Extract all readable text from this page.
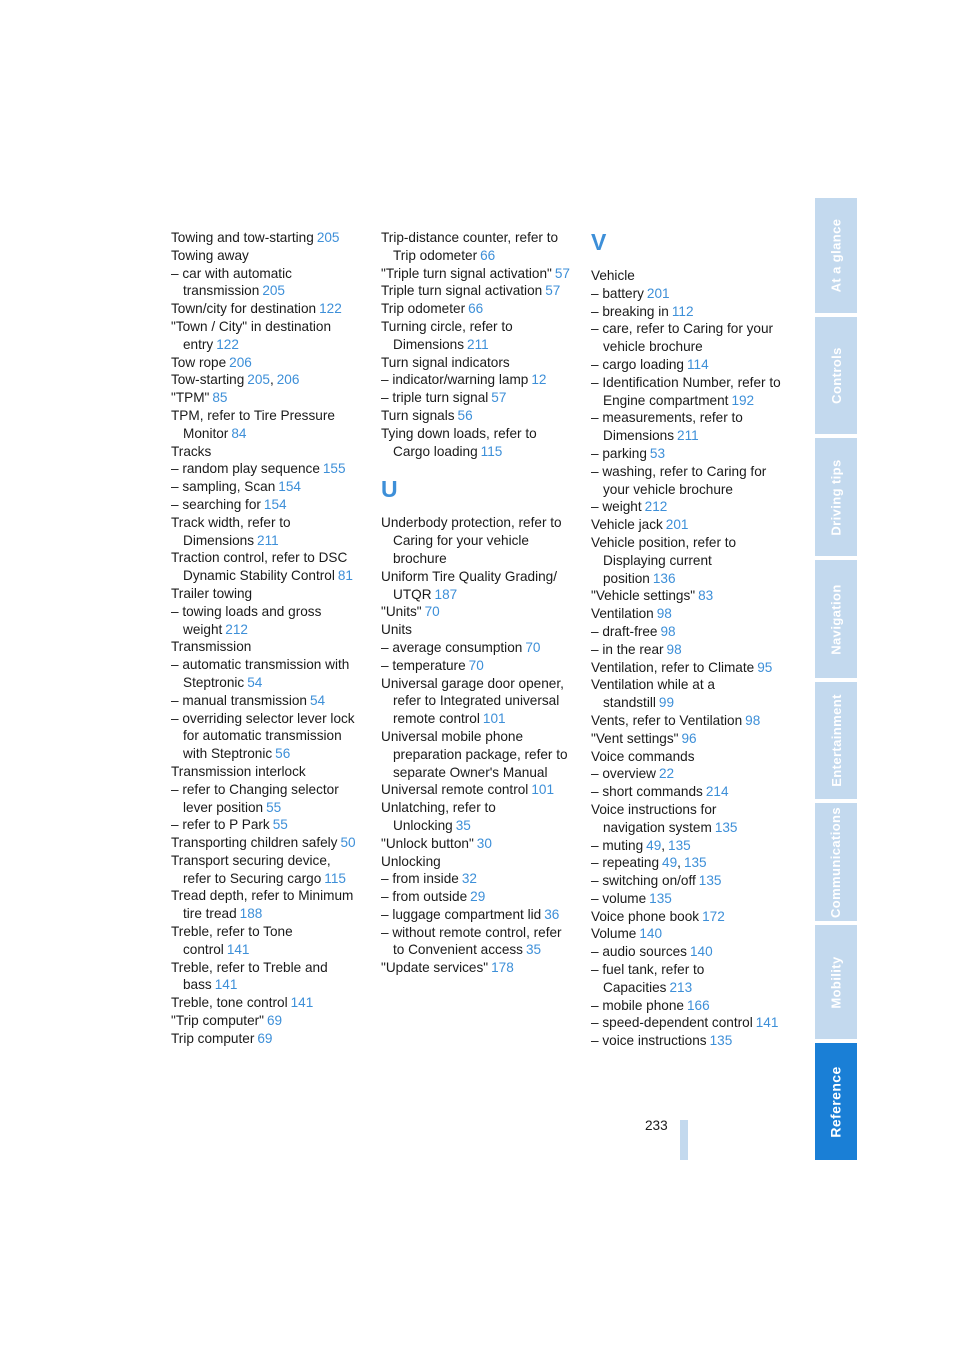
Towing and tow-starting 205
Towing away
– car with automatic transmission 205
Town/city for destination 122
"Town / City" in destination entry 122
Tow rope 206
Tow-starting 205, 206
"TPM" 85
TPM, refer to Tire Pressure Monitor 84
Tracks
– random play sequence 155
– sampling, Scan 154
– searching for 154
Track width, refer to Dimensions 211
Traction control, refer to DSC Dynamic Stability Control 81
Trailer towing
– towing loads and gross weight 212
Transmission
– automatic transmission with Steptronic 54
– manual transmission 54
– overriding selector lever lock for automatic transmission with Steptronic 56
Transmission interlock
– refer to Changing selector lever position 55
– refer to P Park 55
Transporting children safely 50
Transport securing device, refer to Securing cargo 115
Tread depth, refer to Minimum tire tread 188
Treble, refer to Tone control 141
Treble, refer to Treble and bass 141
Treble, tone control 141
"Trip computer" 69
Trip computer 69
Trip-distance counter, refer to Trip odometer 66
"Triple turn signal activation" 57
Triple turn signal activation 57
Trip odometer 66
Turning circle, refer to Dimensions 211
Turn signal indicators
– indicator/warning lamp 12
– triple turn signal 57
Turn signals 56
Tying down loads, refer to Cargo loading 115
U
Underbody protection, refer to Caring for your vehicle brochure
Uniform Tire Quality Grading/ UTQR 187
"Units" 70
Units
– average consumption 70
– temperature 70
Universal garage door opener, refer to Integrated universal remote control 101
Universal mobile phone preparation package, refer to separate Owner's Manual
Universal remote control 101
Unlatching, refer to Unlocking 35
"Unlock button" 30
Unlocking
– from inside 32
– from outside 29
– luggage compartment lid 36
– without remote control, refer to Convenient access 35
"Update services" 178
V
Vehicle
– battery 201
– breaking in 112
– care, refer to Caring for your vehicle brochure
– cargo loading 114
– Identification Number, refer to Engine compartment 192
– measurements, refer to Dimensions 211
– parking 53
– washing, refer to Caring for your vehicle brochure
– weight 212
Vehicle jack 201
Vehicle position, refer to Displaying current position 136
"Vehicle settings" 83
Ventilation 98
– draft-free 98
– in the rear 98
Ventilation, refer to Climate 95
Ventilation while at a standstill 99
Vents, refer to Ventilation 98
"Vent settings" 96
Voice commands
– overview 22
– short commands 214
Voice instructions for navigation system 135
– muting 49, 135
– repeating 49, 135
– switching on/off 135
– volume 135
Voice phone book 172
Volume 140
– audio sources 140
– fuel tank, refer to Capacities 213
– mobile phone 166
– speed-dependent control 141
– voice instructions 135
233
At a glance
Controls
Driving tips
Navigation
Entertainment
Communications
Mobility
Reference
